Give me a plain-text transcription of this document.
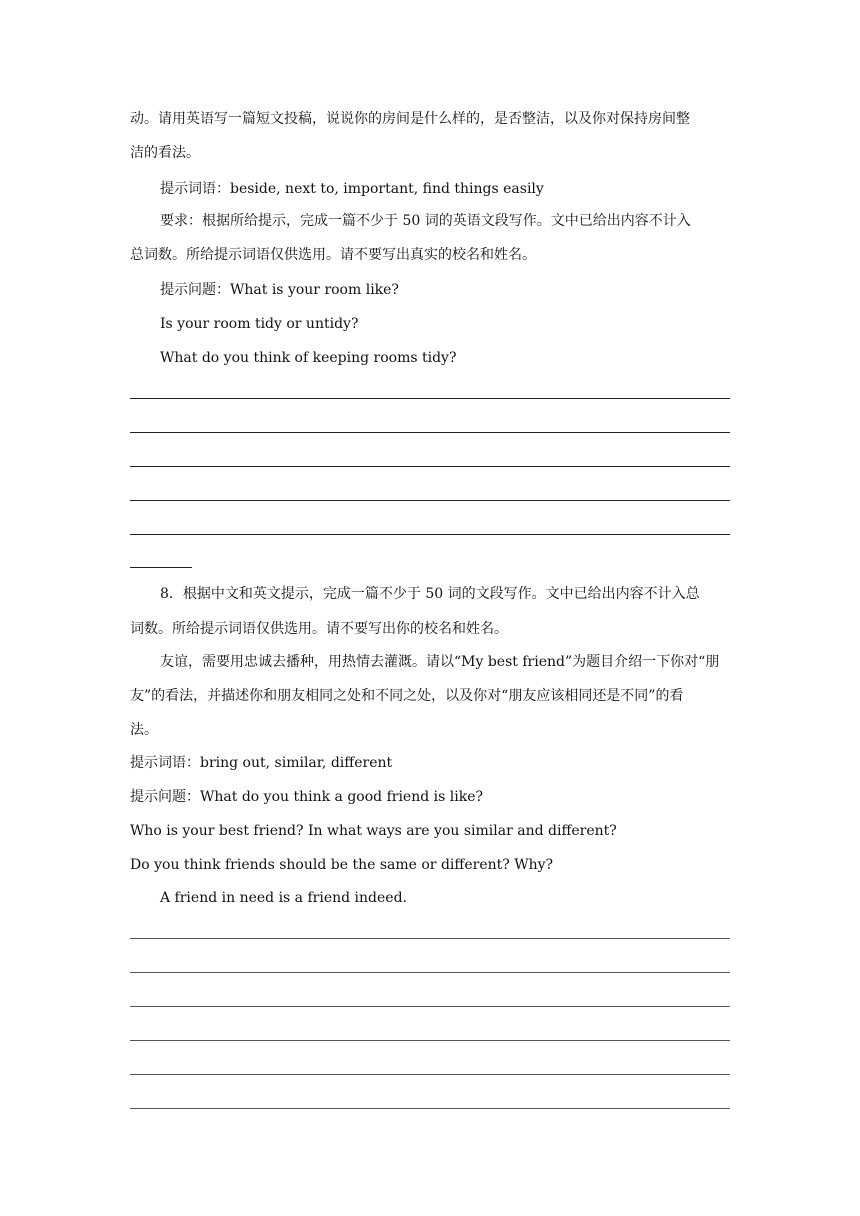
动。请用英语写一篇短文投稿，说说你的房间是什么样的，是否整洁，以及你对保持房间整
洁的看法。
提示词语：beside, next to, important, find things easily
要求：根据所给提示，完成一篇不少于 50 词的英语文段写作。文中已给出内容不计入
总词数。所给提示词语仅供选用。请不要写出真实的校名和姓名。
提示问题：What is your room like?
Is your room tidy or untidy?
What do you think of keeping rooms tidy?
8．根据中文和英文提示，完成一篇不少于 50 词的文段写作。文中已给出内容不计入总
词数。所给提示词语仅供选用。请不要写出你的校名和姓名。
友谊，需要用忠诚去播种，用热情去灌溉。请以“My best friend”为题目介绍一下你对“朋
友”的看法，并描述你和朋友相同之处和不同之处，以及你对“朋友应该相同还是不同”的看
法。
提示词语：bring out, similar, different
提示问题：What do you think a good friend is like?
Who is your best friend? In what ways are you similar and different?
Do you think friends should be the same or different? Why?
A friend in need is a friend indeed.
